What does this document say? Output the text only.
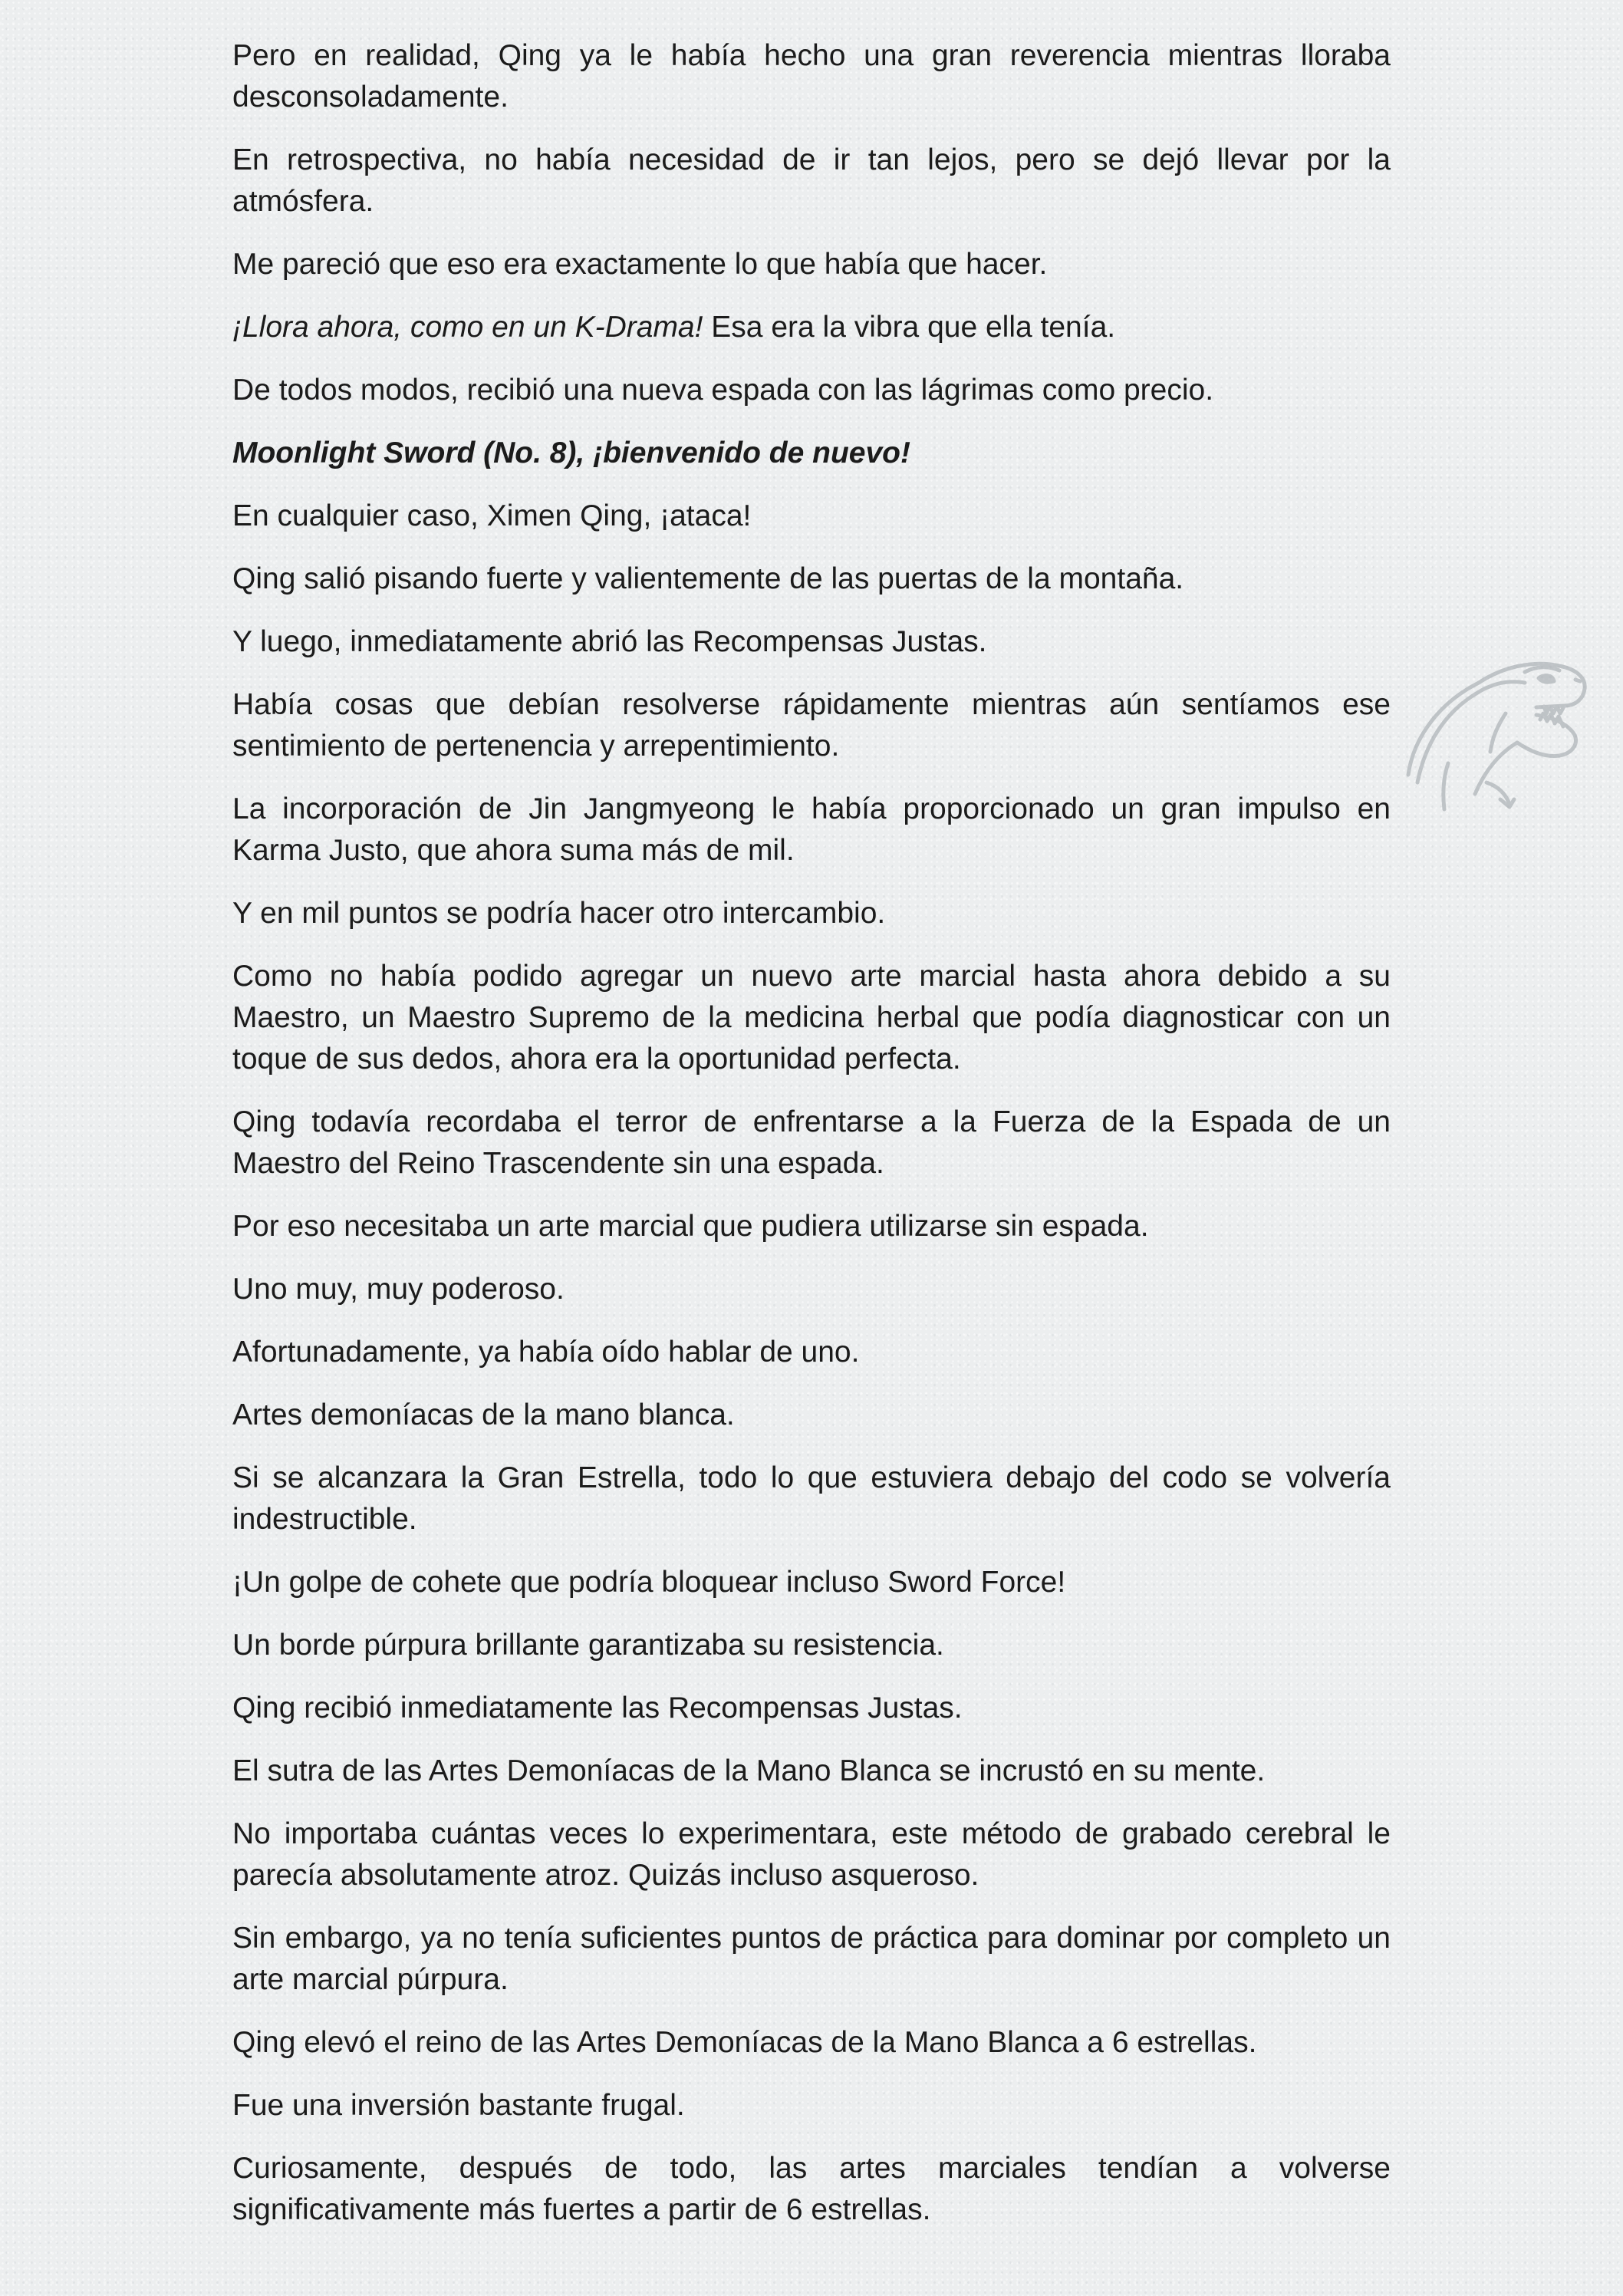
Pero en realidad, Qing ya le había hecho una gran reverencia mientras lloraba desconsoladamente.

En retrospectiva, no había necesidad de ir tan lejos, pero se dejó llevar por la atmósfera.

Me pareció que eso era exactamente lo que había que hacer.

¡Llora ahora, como en un K-Drama! Esa era la vibra que ella tenía.

De todos modos, recibió una nueva espada con las lágrimas como precio.

Moonlight Sword (No. 8), ¡bienvenido de nuevo!

En cualquier caso, Ximen Qing, ¡ataca!

Qing salió pisando fuerte y valientemente de las puertas de la montaña.

Y luego, inmediatamente abrió las Recompensas Justas.

Había cosas que debían resolverse rápidamente mientras aún sentíamos ese sentimiento de pertenencia y arrepentimiento.

La incorporación de Jin Jangmyeong le había proporcionado un gran impulso en Karma Justo, que ahora suma más de mil.

Y en mil puntos se podría hacer otro intercambio.

Como no había podido agregar un nuevo arte marcial hasta ahora debido a su Maestro, un Maestro Supremo de la medicina herbal que podía diagnosticar con un toque de sus dedos, ahora era la oportunidad perfecta.

Qing todavía recordaba el terror de enfrentarse a la Fuerza de la Espada de un Maestro del Reino Trascendente sin una espada.

Por eso necesitaba un arte marcial que pudiera utilizarse sin espada.

Uno muy, muy poderoso.

Afortunadamente, ya había oído hablar de uno.

Artes demoníacas de la mano blanca.

Si se alcanzara la Gran Estrella, todo lo que estuviera debajo del codo se volvería indestructible.

¡Un golpe de cohete que podría bloquear incluso Sword Force!

Un borde púrpura brillante garantizaba su resistencia.

Qing recibió inmediatamente las Recompensas Justas.

El sutra de las Artes Demoníacas de la Mano Blanca se incrustó en su mente.

No importaba cuántas veces lo experimentara, este método de grabado cerebral le parecía absolutamente atroz. Quizás incluso asqueroso.

Sin embargo, ya no tenía suficientes puntos de práctica para dominar por completo un arte marcial púrpura.

Qing elevó el reino de las Artes Demoníacas de la Mano Blanca a 6 estrellas.

Fue una inversión bastante frugal.

Curiosamente, después de todo, las artes marciales tendían a volverse significativamente más fuertes a partir de 6 estrellas.
